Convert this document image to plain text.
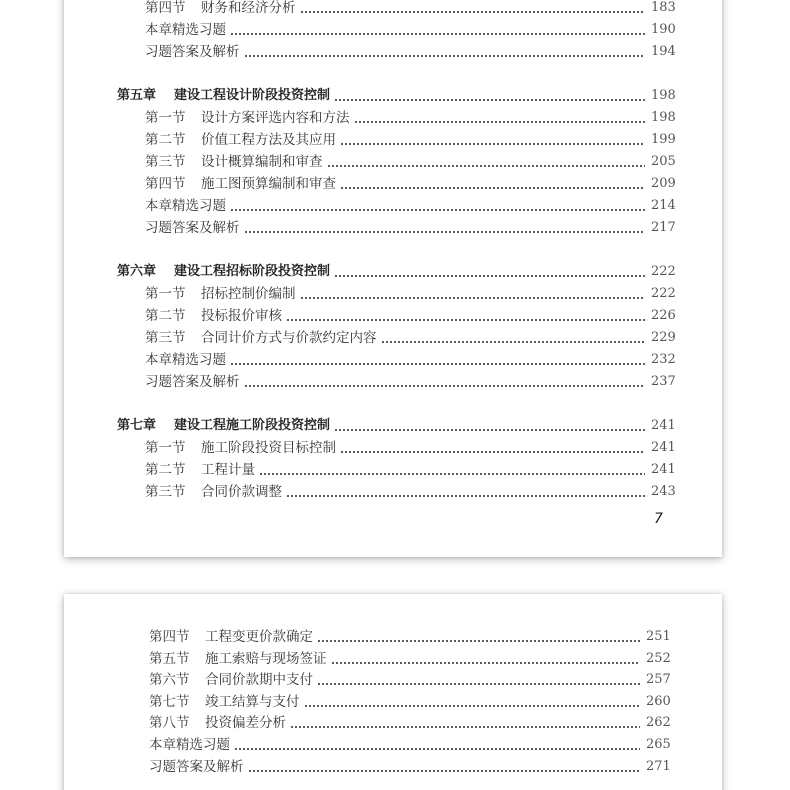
第四节 财务和经济分析	183
本章精选习题	190
习题答案及解析	194
第五章 建设工程设计阶段投资控制	198
第一节 设计方案评选内容和方法	198
第二节 价值工程方法及其应用	199
第三节 设计概算编制和审查	205
第四节 施工图预算编制和审查	209
本章精选习题	214
习题答案及解析	217
第六章 建设工程招标阶段投资控制	222
第一节 招标控制价编制	222
第二节 投标报价审核	226
第三节 合同计价方式与价款约定内容	229
本章精选习题	232
习题答案及解析	237
第七章 建设工程施工阶段投资控制	241
第一节 施工阶段投资目标控制	241
第二节 工程计量	241
第三节 合同价款调整	243
7
第四节 工程变更价款确定	251
第五节 施工索赔与现场签证	252
第六节 合同价款期中支付	257
第七节 竣工结算与支付	260
第八节 投资偏差分析	262
本章精选习题	265
习题答案及解析	271
